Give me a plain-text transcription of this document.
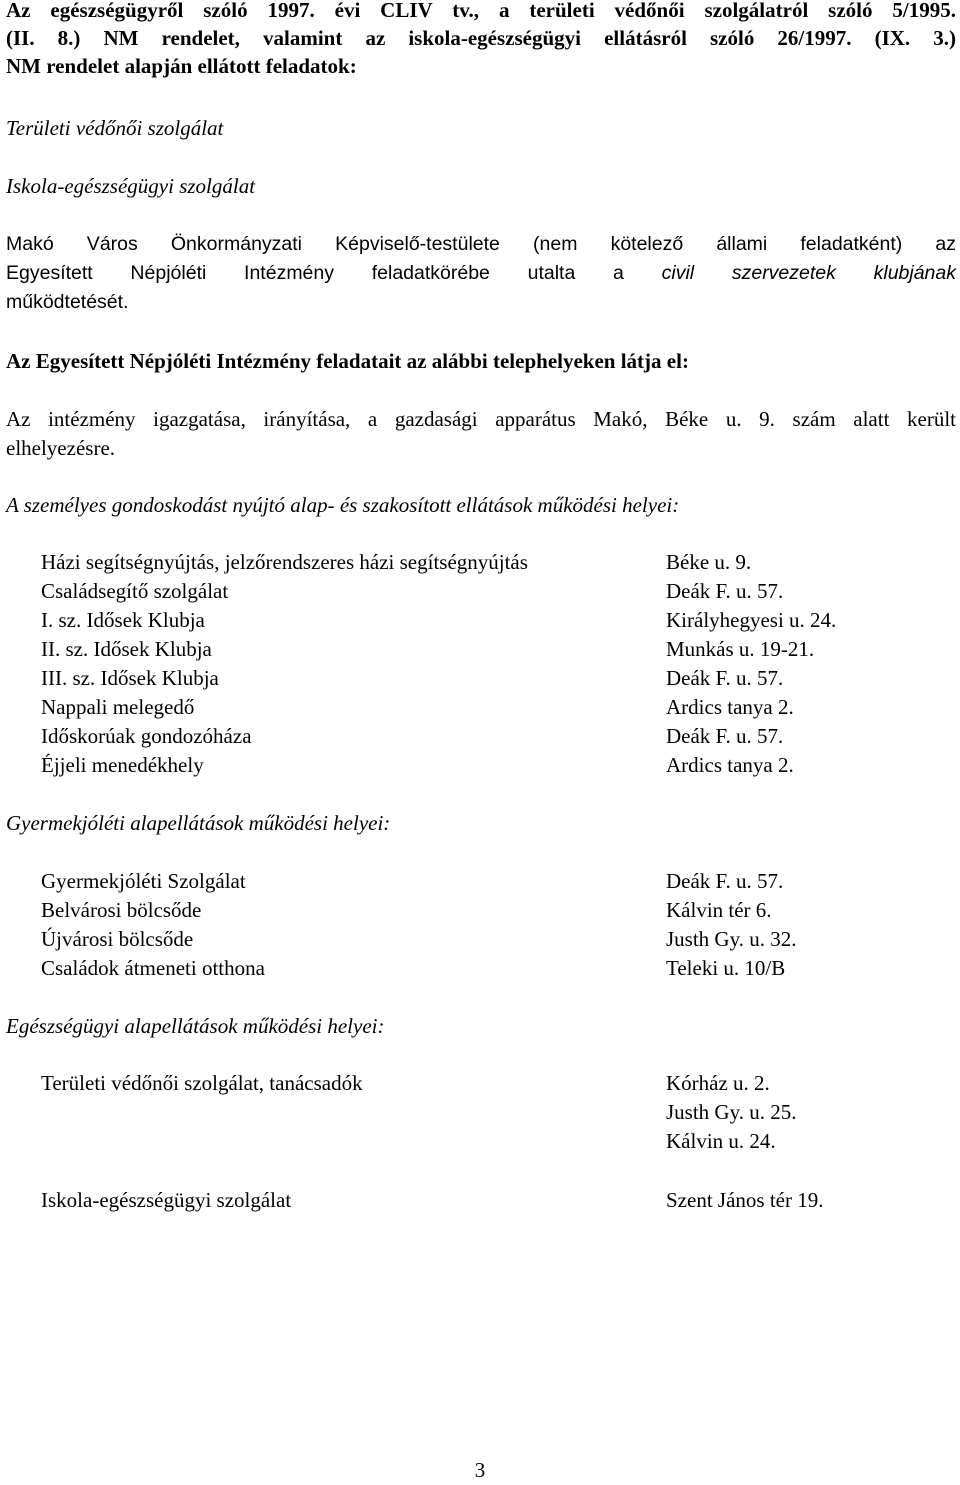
Az egészségügyről szóló 1997. évi CLIV tv., a területi védőnői szolgálatról szóló 5/1995.
(II. 8.) NM rendelet, valamint az iskola-egészségügyi ellátásról szóló 26/1997. (IX. 3.)
NM rendelet alapján ellátott feladatok:
Területi védőnői szolgálat
Iskola-egészségügyi szolgálat
Makó Város Önkormányzati Képviselő-testülete (nem kötelező állami feladatként) az
Egyesített Népjóléti Intézmény feladatkörébe utalta a civil szervezetek klubjának
működtetését.
Az Egyesített Népjóléti Intézmény feladatait az alábbi telephelyeken látja el:
Az intézmény igazgatása, irányítása, a gazdasági apparátus Makó, Béke u. 9. szám alatt került
elhelyezésre.
A személyes gondoskodást nyújtó alap- és szakosított ellátások működési helyei:
Házi segítségnyújtás, jelzőrendszeres házi segítségnyújtás	Béke u. 9.
Családsegítő szolgálat	Deák F. u. 57.
I. sz. Idősek Klubja	Királyhegyesi u. 24.
II. sz. Idősek Klubja	Munkás u. 19-21.
III. sz. Idősek Klubja	Deák F. u. 57.
Nappali melegedő	Ardics tanya 2.
Időskorúak gondozóháza	Deák F. u. 57.
Éjjeli menedékhely	Ardics tanya 2.
Gyermekjóléti alapellátások működési helyei:
Gyermekjóléti Szolgálat	Deák F. u. 57.
Belvárosi bölcsőde	Kálvin tér 6.
Újvárosi bölcsőde	Justh Gy. u. 32.
Családok átmeneti otthona	Teleki u. 10/B
Egészségügyi alapellátások működési helyei:
Területi védőnői szolgálat, tanácsadók	Kórház u. 2.
Justh Gy. u. 25.
Kálvin u. 24.
Iskola-egészségügyi szolgálat	Szent János tér 19.
3
